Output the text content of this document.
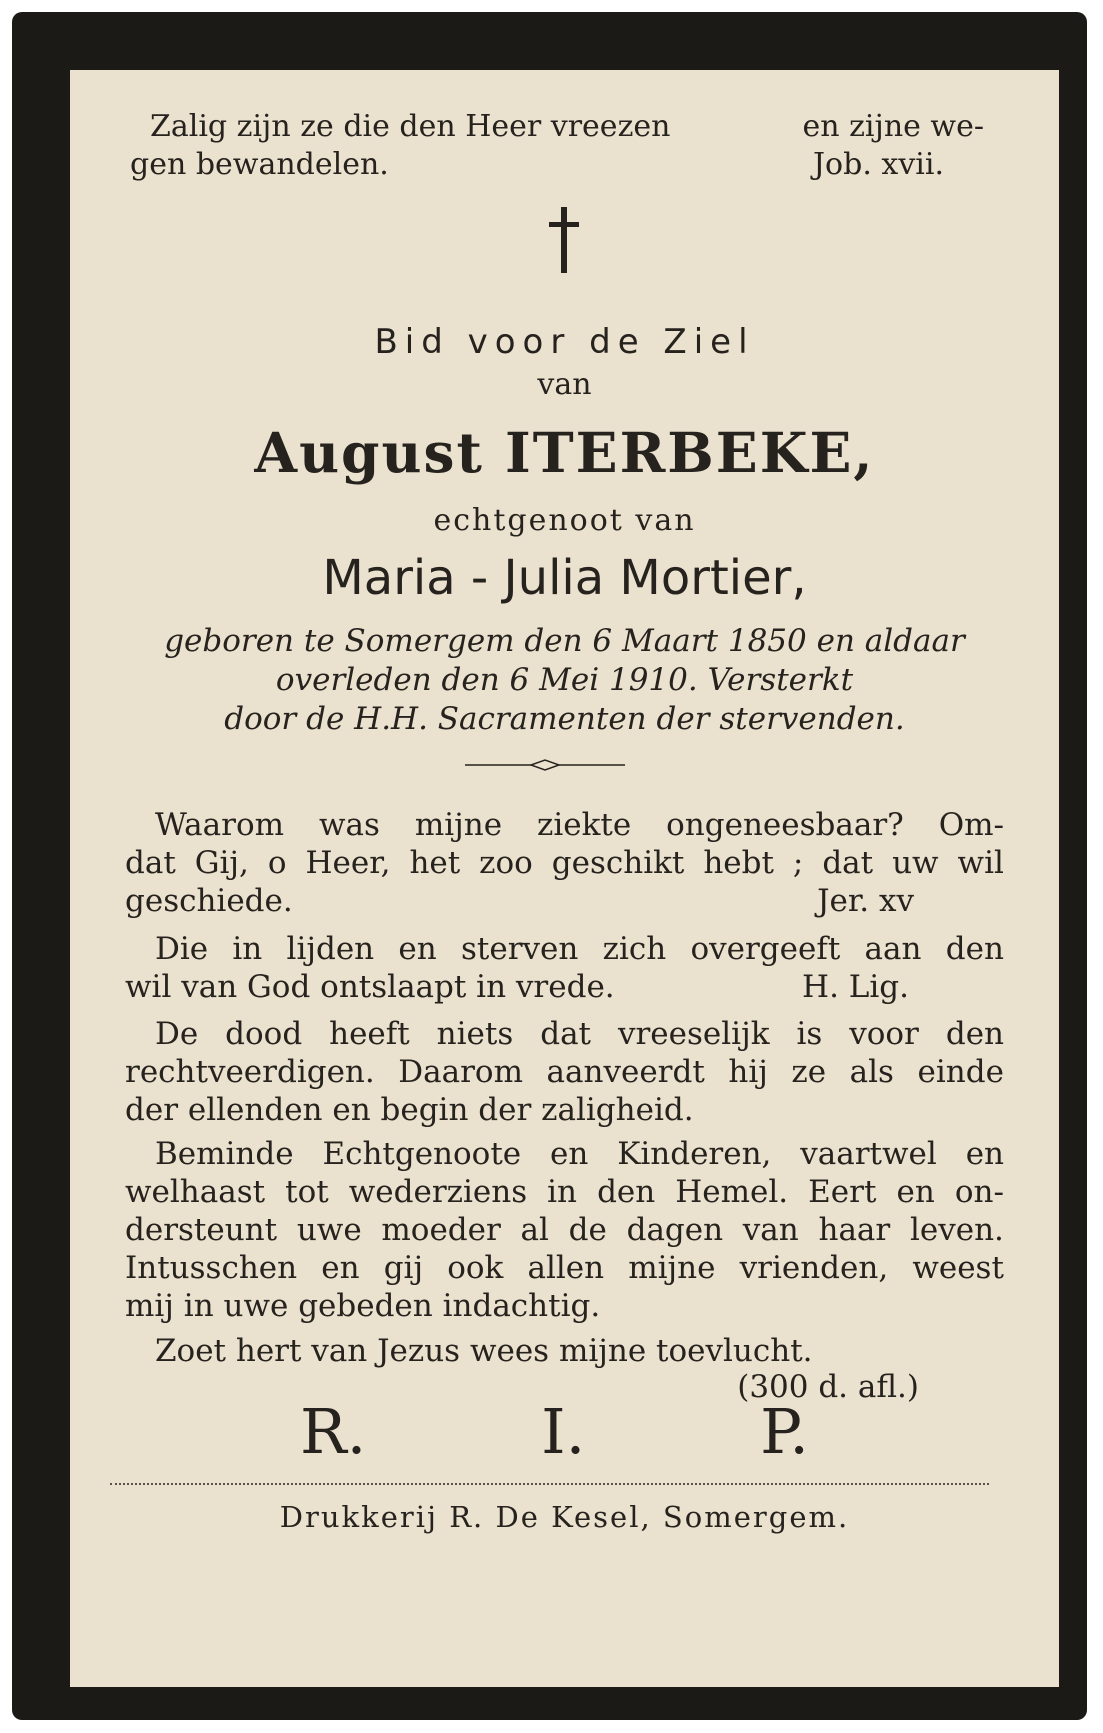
Zalig zijn ze die den Heer vreezen	en zijne we-
gen bewandelen.	Job. xvii.

Bid voor de Ziel

van

August ITERBEKE,

echtgenoot van

Maria - Julia Mortier,

geboren te Somergem den 6 Maart 1850 en aldaar

overleden den 6 Mei 1910. Versterkt

door de H.H. Sacramenten der stervenden.

Waarom was mijne ziekte ongeneesbaar? Om-
dat Gij, o Heer, het zoo geschikt hebt ; dat uw wil
geschiede.	Jer. xv
Die in lijden en sterven zich overgeeft aan den
wil van God ontslaapt in vrede.	H. Lig.
De dood heeft niets dat vreeselijk is voor den
rechtveerdigen. Daarom aanveerdt hij ze als einde

der ellenden en begin der zaligheid.

Beminde Echtgenoote en Kinderen, vaartwel en
welhaast tot wederziens in den Hemel. Eert en on-
dersteunt uwe moeder al de dagen van haar leven.
Intusschen en gij ook allen mijne vrienden, weest

mij in uwe gebeden indachtig.

Zoet hert van Jezus wees mijne toevlucht.

(300 d. afl.)

R.	I.	P.

Drukkerij R. De Kesel, Somergem.
